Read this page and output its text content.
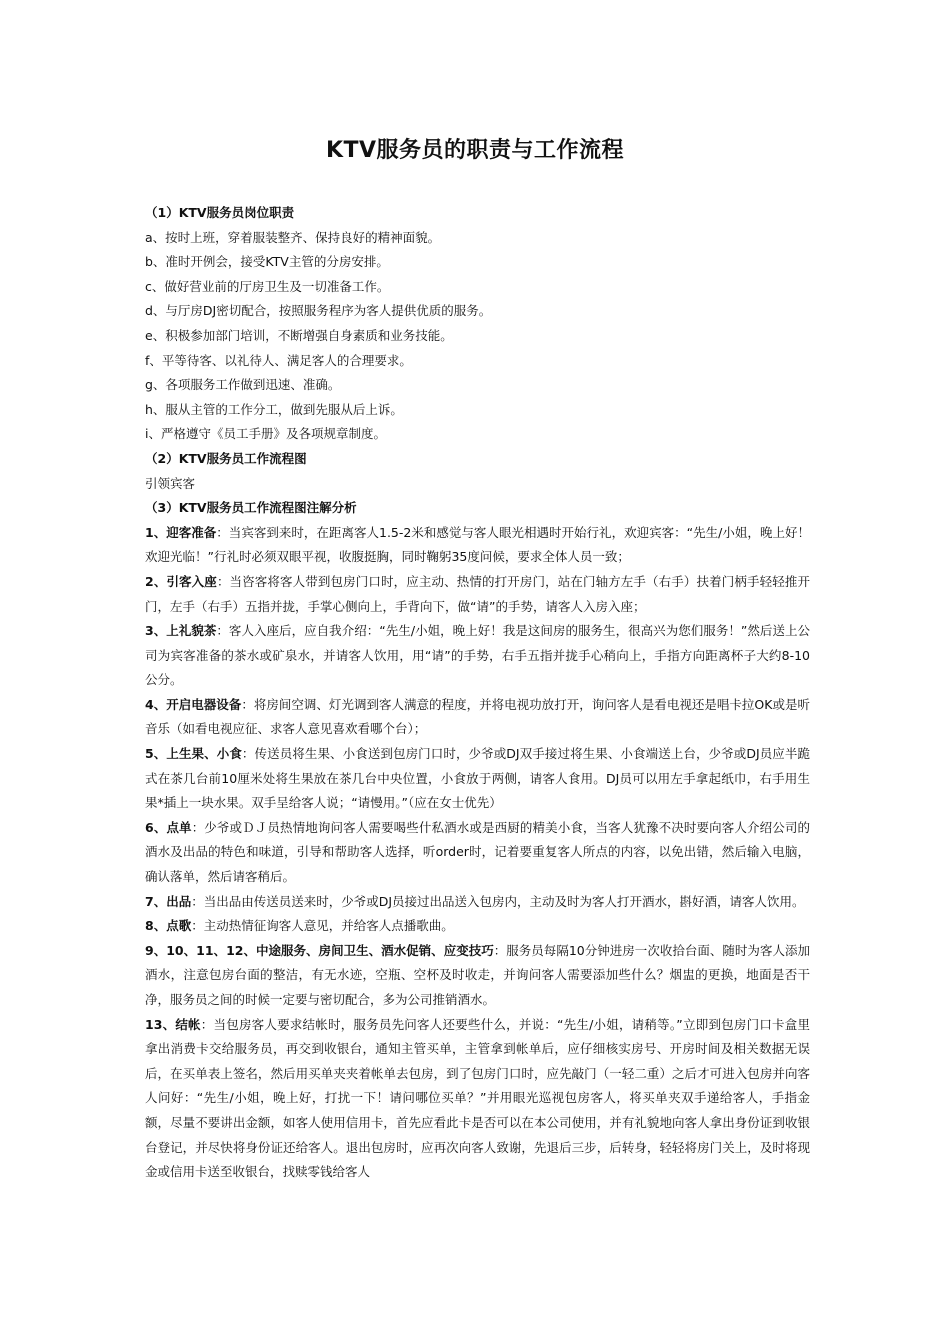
KTV服务员的职责与工作流程

（1）KTV服务员岗位职责

a、按时上班，穿着服装整齐、保持良好的精神面貌。

b、准时开例会，接受KTV主管的分房安排。

c、做好营业前的厅房卫生及一切准备工作。

d、与厅房DJ密切配合，按照服务程序为客人提供优质的服务。

e、积极参加部门培训，不断增强自身素质和业务技能。

f、平等待客、以礼待人、满足客人的合理要求。

g、各项服务工作做到迅速、准确。

h、服从主管的工作分工，做到先服从后上诉。

i、严格遵守《员工手册》及各项规章制度。

（2）KTV服务员工作流程图

引领宾客

（3）KTV服务员工作流程图注解分析

1、迎客准备：当宾客到来时，在距离客人1.5-2米和感觉与客人眼光相遇时开始行礼，欢迎宾客：“先生/小姐，晚上好！欢迎光临！”行礼时必须双眼平视，收腹挺胸，同时鞠躬35度问候，要求全体人员一致；

2、引客入座：当咨客将客人带到包房门口时，应主动、热情的打开房门，站在门轴方左手（右手）扶着门柄手轻轻推开门，左手（右手）五指并拢，手掌心侧向上，手背向下，做“请”的手势，请客人入房入座；

3、上礼貌茶：客人入座后，应自我介绍：“先生/小姐，晚上好！我是这间房的服务生，很高兴为您们服务！”然后送上公司为宾客准备的茶水或矿泉水，并请客人饮用，用“请”的手势，右手五指并拢手心稍向上，手指方向距离杯子大约8-10公分。

4、开启电器设备：将房间空调、灯光调到客人满意的程度，并将电视功放打开，询问客人是看电视还是唱卡拉OK或是听音乐（如看电视应征、求客人意见喜欢看哪个台）；

5、上生果、小食：传送员将生果、小食送到包房门口时，少爷或DJ双手接过将生果、小食端送上台，少爷或DJ员应半跪式在茶几台前10厘米处将生果放在茶几台中央位置，小食放于两侧，请客人食用。DJ员可以用左手拿起纸巾，右手用生果*插上一块水果。双手呈给客人说；“请慢用。”（应在女士优先）

6、点单：少爷或ＤＪ员热情地询问客人需要喝些什私酒水或是西厨的精美小食，当客人犹豫不决时要向客人介绍公司的酒水及出品的特色和味道，引导和帮助客人选择，听order时，记着要重复客人所点的内容，以免出错，然后输入电脑，确认落单，然后请客稍后。

7、出品：当出品由传送员送来时，少爷或DJ员接过出品送入包房内，主动及时为客人打开酒水，斟好酒，请客人饮用。

8、点歌：主动热情征询客人意见，并给客人点播歌曲。

9、10、11、12、中途服务、房间卫生、酒水促销、应变技巧：服务员每隔10分钟进房一次收拾台面、随时为客人添加酒水，注意包房台面的整洁，有无水迹，空瓶、空杯及时收走，并询问客人需要添加些什么？烟盅的更换，地面是否干净，服务员之间的时候一定要与密切配合，多为公司推销酒水。

13、结帐：当包房客人要求结帐时，服务员先问客人还要些什么，并说：“先生/小姐，请稍等。”立即到包房门口卡盒里拿出消费卡交给服务员，再交到收银台，通知主管买单，主管拿到帐单后，应仔细核实房号、开房时间及相关数据无误后，在买单表上签名，然后用买单夹夹着帐单去包房，到了包房门口时，应先敲门（一轻二重）之后才可进入包房并向客人问好：“先生/小姐，晚上好，打扰一下！请问哪位买单？”并用眼光巡视包房客人，将买单夹双手递给客人，手指金额，尽量不要讲出金额，如客人使用信用卡，首先应看此卡是否可以在本公司使用，并有礼貌地向客人拿出身份证到收银台登记，并尽快将身份证还给客人。退出包房时，应再次向客人致谢，先退后三步，后转身，轻轻将房门关上，及时将现金或信用卡送至收银台，找赎零钱给客人
